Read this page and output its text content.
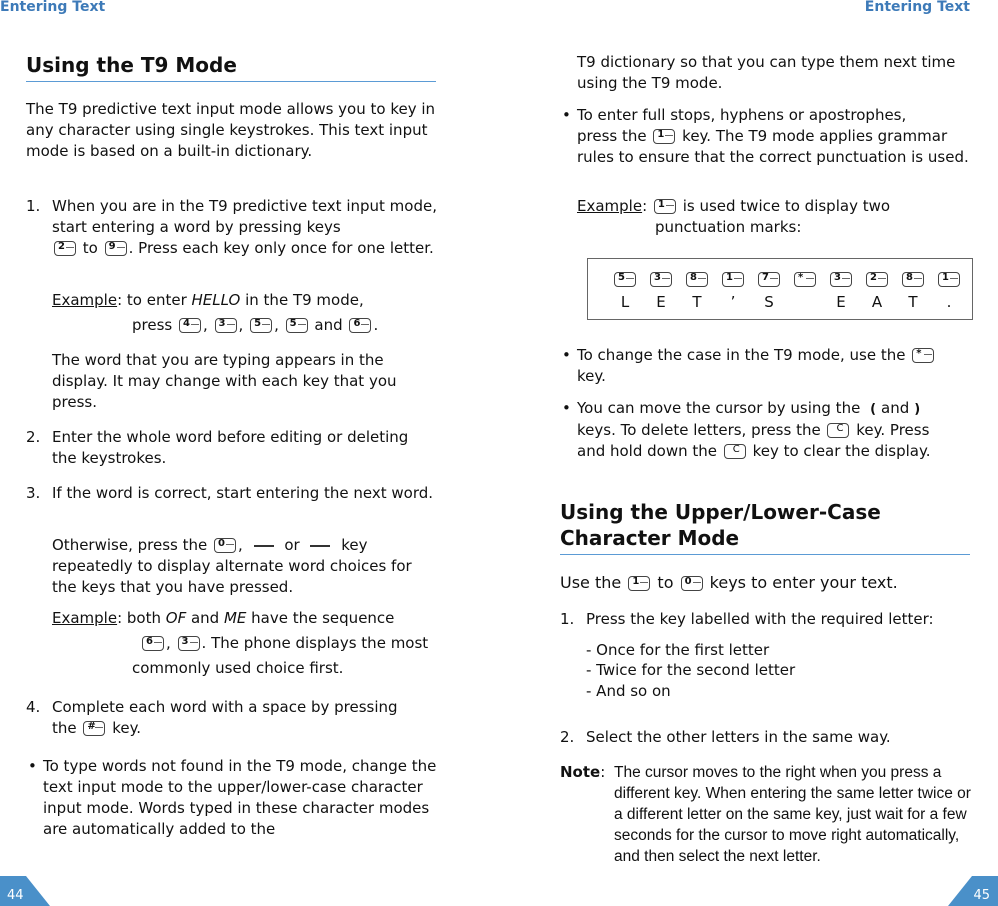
Entering Text
Using the T9 Mode

The T9 predictive text input mode allows you to key in any character using single keystrokes. This text input mode is based on a built-in dictionary.

1. When you are in the T9 predictive text input mode, start entering a word by pressing keys

2 to 9 . Press each key only once for one letter.

Example: to enter HELLO in the T9 mode,

press 4 , 3 , 5 , 5 and 6 .

The word that you are typing appears in the display. It may change with each key that you press.

2. Enter the whole word before editing or deleting the keystrokes.

3. If the word is correct, start entering the next word.

Otherwise, press the 0 ,  or	key
repeatedly to display alternate word choices for the keys that you have pressed.

Example: both OF and ME have the sequence

6 , 3 . The phone displays the most

commonly used choice first.

4. Complete each word with a space by pressing
the # key.

• To type words not found in the T9 mode, change the text input mode to the upper/lower-case character input mode. Words typed in these character modes are automatically added to the

44
Entering Text

T9 dictionary so that you can type them next time using the T9 mode.

• To enter full stops, hyphens or apostrophes,
press the 1 key. The T9 mode applies grammar rules to ensure that the correct punctuation is used.

Example: 1 is used twice to display two

punctuation marks:

5
L
3
E
8
T
1
’
7
S
*	3
E
2
A
8
T
1
.
• To change the case in the T9 mode, use the *

key.

• You can move the cursor by using the ( and )
keys. To delete letters, press the C key. Press
and hold down the C key to clear the display.

Using the Upper/Lower-Case
Character Mode

Use the 1 to 0 keys to enter your text.

1. Press the key labelled with the required letter:

- Once for the first letter

- Twice for the second letter

- And so on

2. Select the other letters in the same way.

Note: The cursor moves to the right when you press a different key. When entering the same letter twice or a different letter on the same key, just wait for a few seconds for the cursor to move right automatically, and then select the next letter.

45
